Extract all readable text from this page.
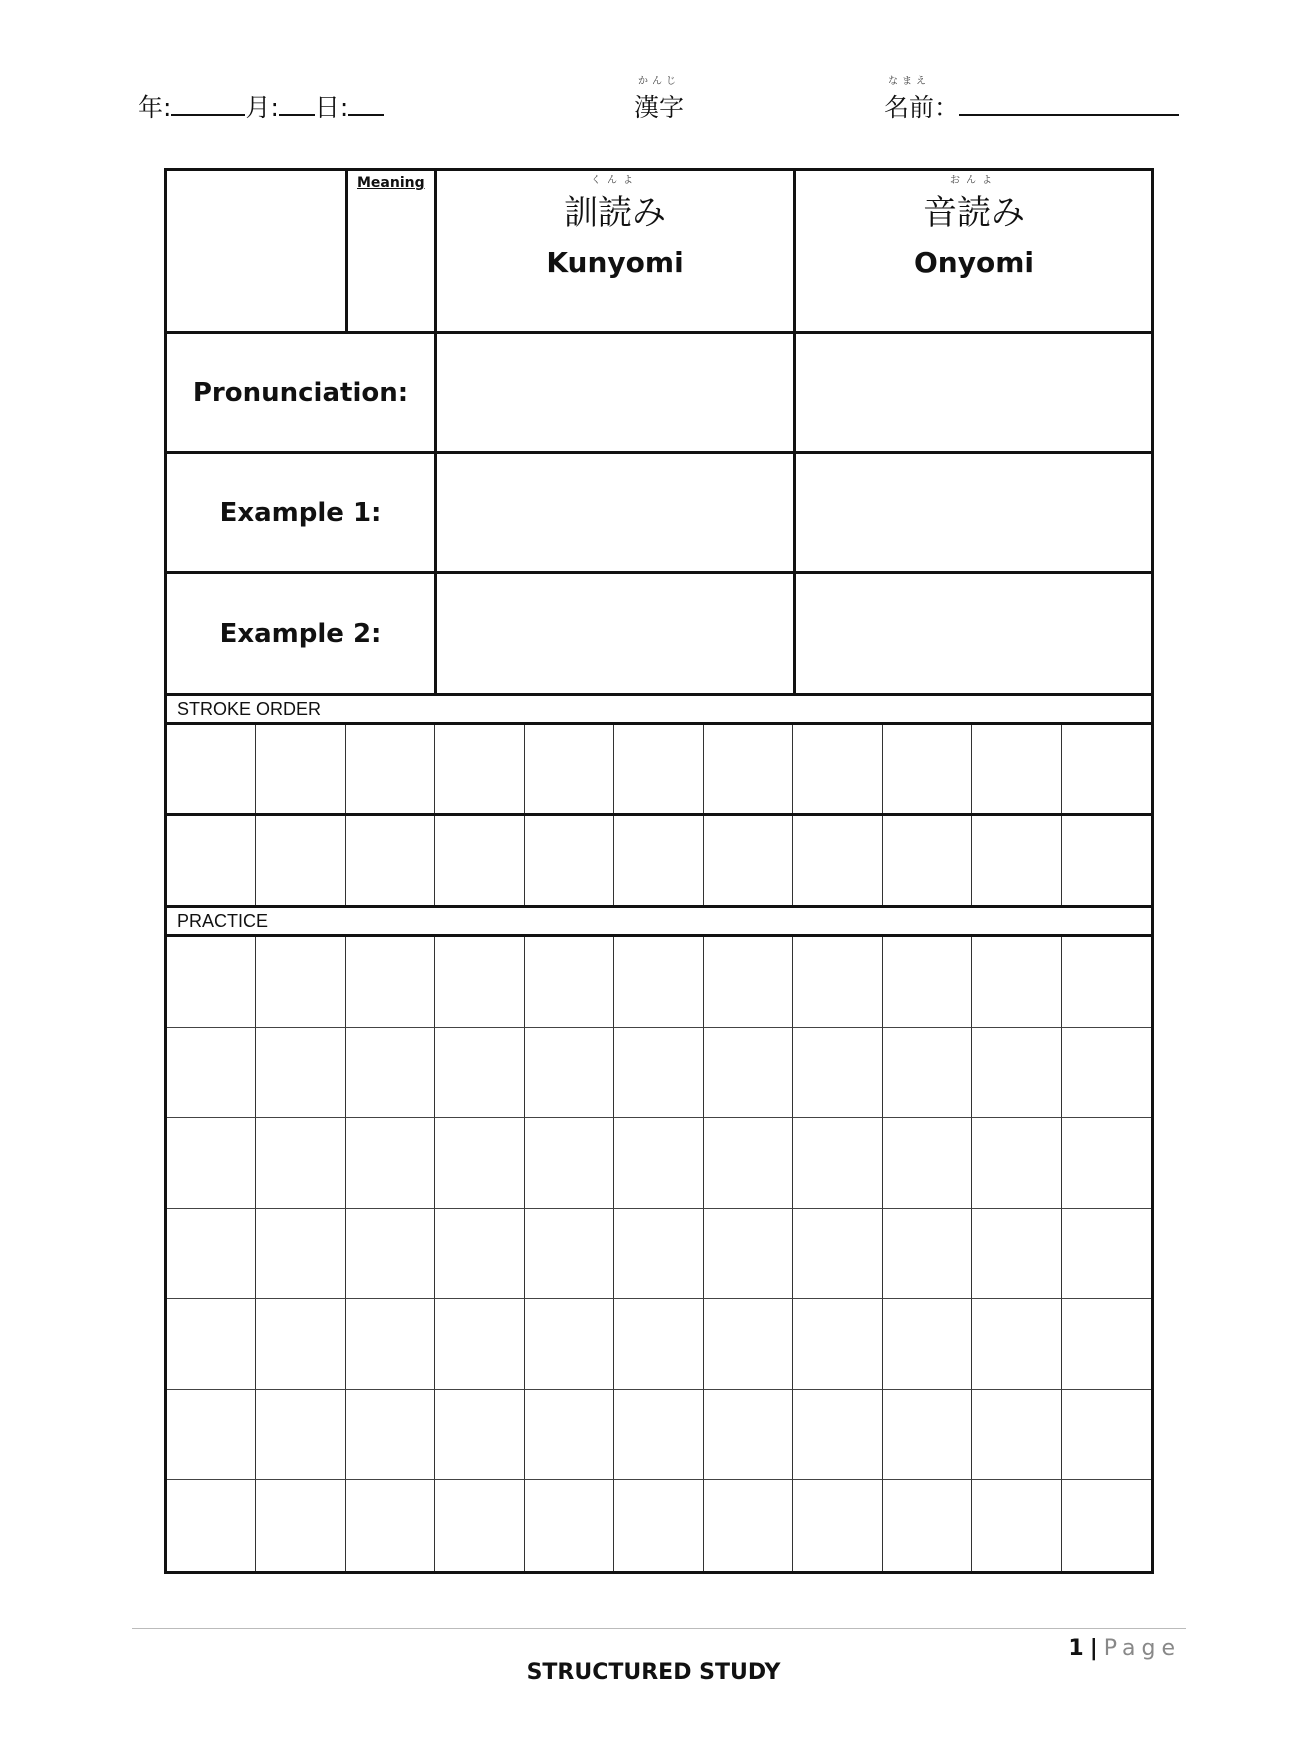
年:	月: 日:
かんじ
漢字
なまえ
名前：
Meaning	くんよ
訓読み
Kunyomi
おんよ
音読み
Onyomi
Pronunciation:
Example 1:
Example 2:
STROKE ORDER
PRACTICE
1 | Page
STRUCTURED STUDY
